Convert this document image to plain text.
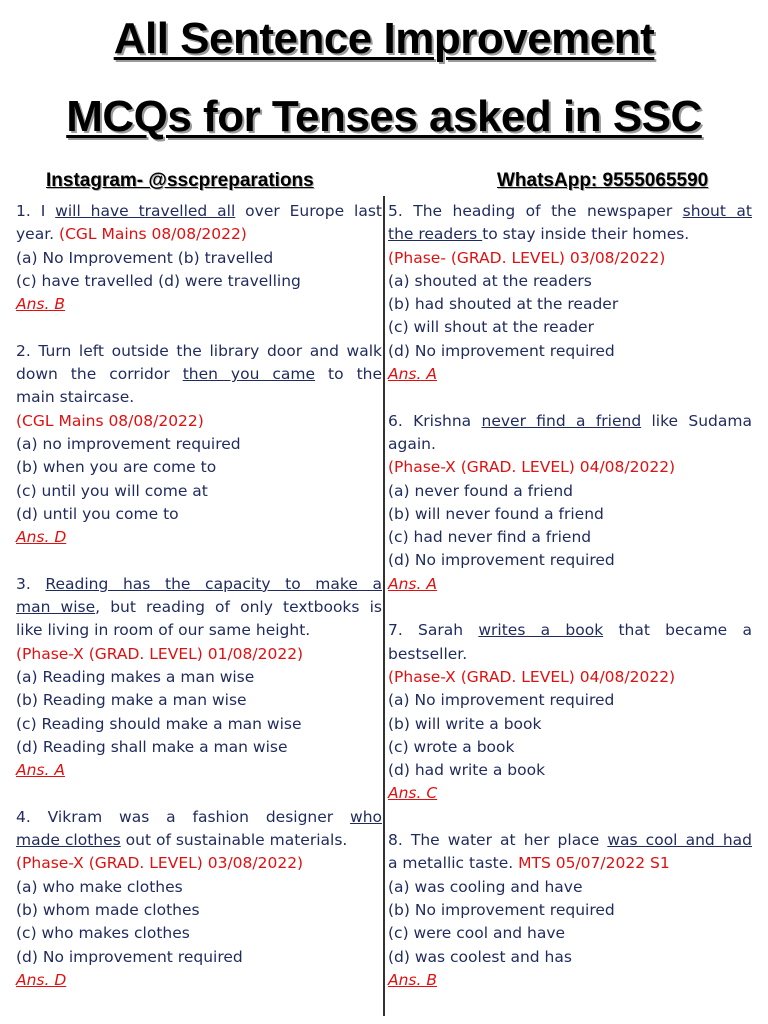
All Sentence Improvement
MCQs for Tenses asked in SSC
Instagram- @sscpreparations	WhatsApp: 9555065590
1. I will have travelled all over Europe last
year. (CGL Mains 08/08/2022)
(a) No Improvement (b) travelled
(c) have travelled (d) were travelling
Ans. B
2. Turn left outside the library door and walk
down the corridor then you came to the
main staircase.
(CGL Mains 08/08/2022)
(a) no improvement required
(b) when you are come to
(c) until you will come at
(d) until you come to
Ans. D
3. Reading has the capacity to make a
man wise, but reading of only textbooks is
like living in room of our same height.
(Phase-X (GRAD. LEVEL) 01/08/2022)
(a) Reading makes a man wise
(b) Reading make a man wise
(c) Reading should make a man wise
(d) Reading shall make a man wise
Ans. A
4. Vikram was a fashion designer who
made clothes out of sustainable materials.
(Phase-X (GRAD. LEVEL) 03/08/2022)
(a) who make clothes
(b) whom made clothes
(c) who makes clothes
(d) No improvement required
Ans. D
5. The heading of the newspaper shout at
the readers to stay inside their homes.
(Phase- (GRAD. LEVEL) 03/08/2022)
(a) shouted at the readers
(b) had shouted at the reader
(c) will shout at the reader
(d) No improvement required
Ans. A
6. Krishna never find a friend like Sudama
again.
(Phase-X (GRAD. LEVEL) 04/08/2022)
(a) never found a friend
(b) will never found a friend
(c) had never find a friend
(d) No improvement required
Ans. A
7. Sarah writes a book that became a
bestseller.
(Phase-X (GRAD. LEVEL) 04/08/2022)
(a) No improvement required
(b) will write a book
(c) wrote a book
(d) had write a book
Ans. C
8. The water at her place was cool and had
a metallic taste. MTS 05/07/2022 S1
(a) was cooling and have
(b) No improvement required
(c) were cool and have
(d) was coolest and has
Ans. B
